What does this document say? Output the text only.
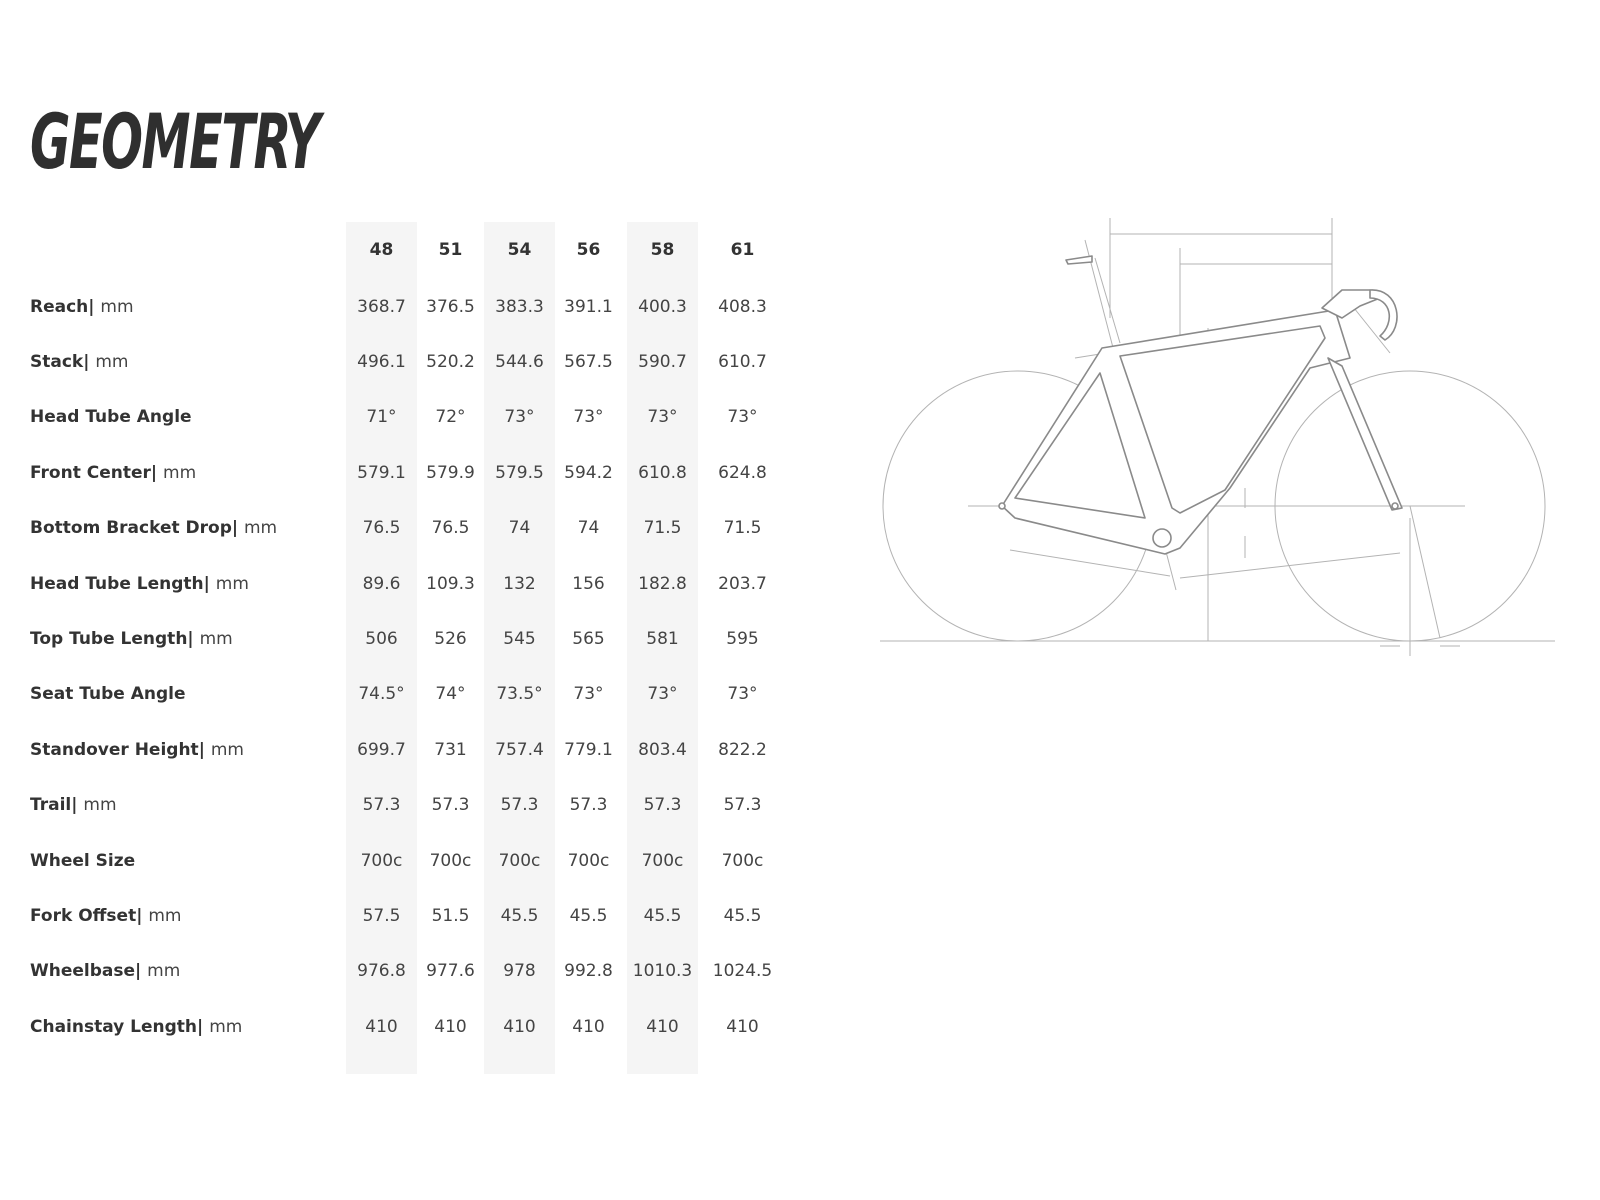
GEOMETRY
48	51	54	56	58	61
Reach | mm	368.7	376.5	383.3	391.1	400.3	408.3
Stack | mm	496.1	520.2	544.6	567.5	590.7	610.7
Head Tube Angle	71°	72°	73°	73°	73°	73°
Front Center | mm	579.1	579.9	579.5	594.2	610.8	624.8
Bottom Bracket Drop | mm	76.5	76.5	74	74	71.5	71.5
Head Tube Length | mm	89.6	109.3	132	156	182.8	203.7
Top Tube Length | mm	506	526	545	565	581	595
Seat Tube Angle	74.5°	74°	73.5°	73°	73°	73°
Standover Height | mm	699.7	731	757.4	779.1	803.4	822.2
Trail | mm	57.3	57.3	57.3	57.3	57.3	57.3
Wheel Size	700c	700c	700c	700c	700c	700c
Fork Offset | mm	57.5	51.5	45.5	45.5	45.5	45.5
Wheelbase | mm	976.8	977.6	978	992.8	1010.3	1024.5
Chainstay Length | mm	410	410	410	410	410	410
